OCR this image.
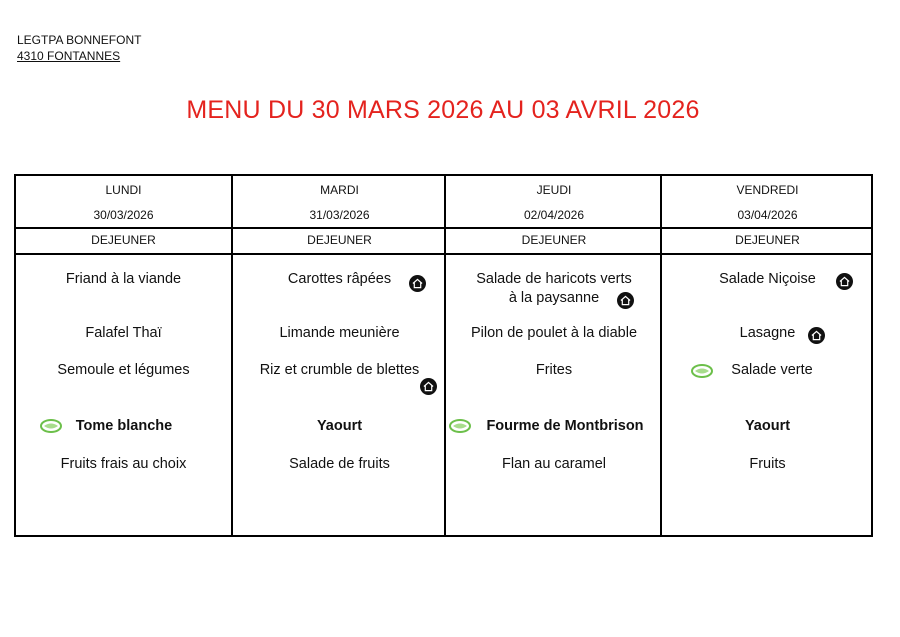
LEGTPA BONNEFONT
4310 FONTANNES
MENU DU 30 MARS 2026 AU 03 AVRIL 2026
LUNDI
30/03/2026
DEJEUNER
Friand à la viande
Falafel Thaï
Semoule et légumes
Tome blanche
Fruits frais au choix
MARDI
31/03/2026
DEJEUNER
Carottes râpées
Limande meunière
Riz et crumble de blettes
Yaourt
Salade de fruits
JEUDI
02/04/2026
DEJEUNER
Salade de haricots verts
à la paysanne
Pilon de poulet à la diable
Frites
Fourme de Montbrison
Flan au caramel
VENDREDI
03/04/2026
DEJEUNER
Salade Niçoise
Lasagne
Salade verte
Yaourt
Fruits
